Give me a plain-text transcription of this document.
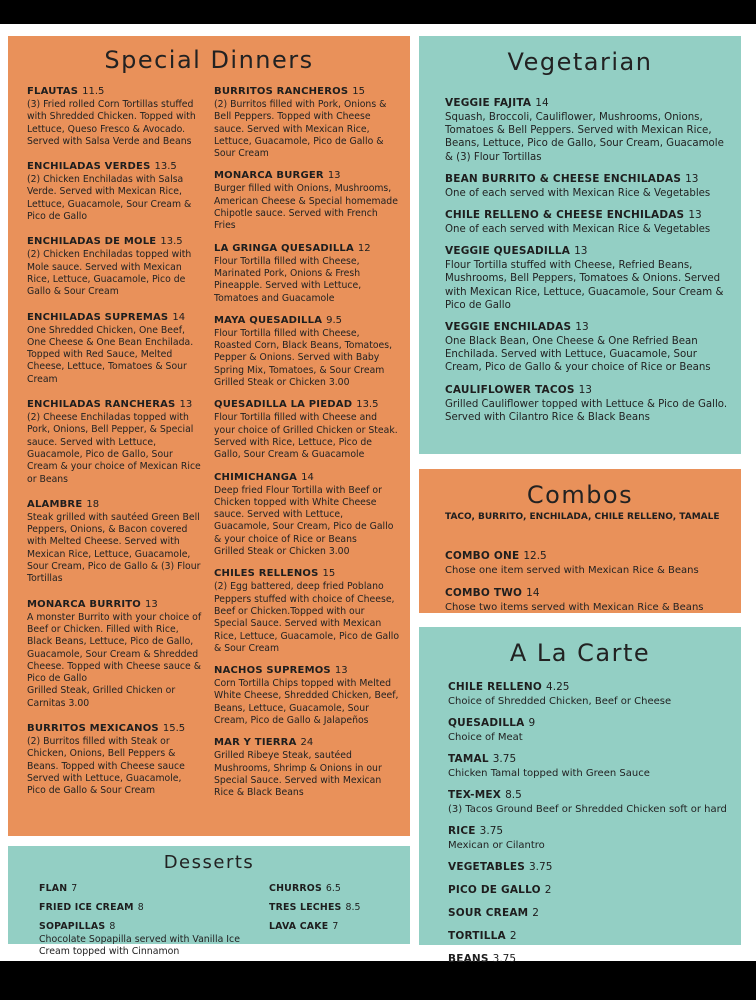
Special Dinners
FLAUTAS 11.5
(3) Fried rolled Corn Tortillas stuffed with Shredded Chicken. Topped with Lettuce, Queso Fresco & Avocado. Served with Salsa Verde and Beans
ENCHILADAS VERDES 13.5
(2) Chicken Enchiladas with Salsa Verde. Served with Mexican Rice, Lettuce, Guacamole, Sour Cream & Pico de Gallo
ENCHILADAS DE MOLE 13.5
(2) Chicken Enchiladas topped with Mole sauce. Served with Mexican Rice, Lettuce, Guacamole, Pico de Gallo & Sour Cream
ENCHILADAS SUPREMAS 14
One Shredded Chicken, One Beef, One Cheese & One Bean Enchilada. Topped with Red Sauce, Melted Cheese, Lettuce, Tomatoes & Sour Cream
ENCHILADAS RANCHERAS 13
(2) Cheese Enchiladas topped with Pork, Onions, Bell Pepper, & Special sauce. Served with Lettuce, Guacamole, Pico de Gallo, Sour Cream & your choice of Mexican Rice or Beans
ALAMBRE 18
Steak grilled with sautéed Green Bell Peppers, Onions, & Bacon covered with Melted Cheese. Served with Mexican Rice, Lettuce, Guacamole, Sour Cream, Pico de Gallo & (3) Flour Tortillas
MONARCA BURRITO 13
A monster Burrito with your choice of Beef or Chicken. Filled with Rice, Black Beans, Lettuce, Pico de Gallo, Guacamole, Sour Cream & Shredded Cheese. Topped with Cheese sauce & Pico de Gallo
Grilled Steak, Grilled Chicken or Carnitas 3.00
BURRITOS MEXICANOS 15.5
(2) Burritos filled with Steak or Chicken, Onions, Bell Peppers & Beans. Topped with Cheese sauce Served with Lettuce, Guacamole, Pico de Gallo & Sour Cream
BURRITOS RANCHEROS 15
(2) Burritos filled with Pork, Onions & Bell Peppers. Topped with Cheese sauce. Served with Mexican Rice, Lettuce, Guacamole, Pico de Gallo & Sour Cream
MONARCA BURGER 13
Burger filled with Onions, Mushrooms, American Cheese & Special homemade Chipotle sauce. Served with French Fries
LA GRINGA QUESADILLA 12
Flour Tortilla filled with Cheese, Marinated Pork, Onions & Fresh Pineapple. Served with Lettuce, Tomatoes and Guacamole
MAYA QUESADILLA 9.5
Flour Tortilla filled with Cheese, Roasted Corn, Black Beans, Tomatoes, Pepper & Onions. Served with Baby Spring Mix, Tomatoes, & Sour Cream
Grilled Steak or Chicken 3.00
QUESADILLA LA PIEDAD 13.5
Flour Tortilla filled with Cheese and your choice of Grilled Chicken or Steak. Served with Rice, Lettuce, Pico de Gallo, Sour Cream & Guacamole
CHIMICHANGA 14
Deep fried Flour Tortilla with Beef or Chicken topped with White Cheese sauce. Served with Lettuce, Guacamole, Sour Cream, Pico de Gallo & your choice of Rice or Beans
Grilled Steak or Chicken 3.00
CHILES RELLENOS 15
(2) Egg battered, deep fried Poblano Peppers stuffed with choice of Cheese, Beef or Chicken.Topped with our Special Sauce. Served with Mexican Rice, Lettuce, Guacamole, Pico de Gallo & Sour Cream
NACHOS SUPREMOS 13
Corn Tortilla Chips topped with Melted White Cheese, Shredded Chicken, Beef, Beans, Lettuce, Guacamole, Sour Cream, Pico de Gallo & Jalapeños
MAR Y TIERRA 24
Grilled Ribeye Steak, sautéed Mushrooms, Shrimp & Onions in our Special Sauce. Served with Mexican Rice & Black Beans
Vegetarian
VEGGIE FAJITA 14
Squash, Broccoli, Cauliflower, Mushrooms, Onions, Tomatoes & Bell Peppers. Served with Mexican Rice, Beans, Lettuce, Pico de Gallo, Sour Cream, Guacamole & (3) Flour Tortillas
BEAN BURRITO & CHEESE ENCHILADAS 13
One of each served with Mexican Rice & Vegetables
CHILE RELLENO & CHEESE ENCHILADAS 13
One of each served with Mexican Rice & Vegetables
VEGGIE QUESADILLA 13
Flour Tortilla stuffed with Cheese, Refried Beans, Mushrooms, Bell Peppers, Tomatoes & Onions. Served with Mexican Rice, Lettuce, Guacamole, Sour Cream & Pico de Gallo
VEGGIE ENCHILADAS 13
One Black Bean, One Cheese & One Refried Bean Enchilada. Served with Lettuce, Guacamole, Sour Cream, Pico de Gallo & your choice of Rice or Beans
CAULIFLOWER TACOS 13
Grilled Cauliflower topped with Lettuce & Pico de Gallo. Served with Cilantro Rice & Black Beans
Combos
TACO, BURRITO, ENCHILADA, CHILE RELLENO, TAMALE
COMBO ONE 12.5
Chose one item served with Mexican Rice & Beans
COMBO TWO 14
Chose two items served with Mexican Rice & Beans
A La Carte
CHILE RELLENO 4.25
Choice of Shredded Chicken, Beef or Cheese
QUESADILLA 9
Choice of Meat
TAMAL 3.75
Chicken Tamal topped with Green Sauce
TEX-MEX 8.5
(3) Tacos Ground Beef or Shredded Chicken soft or hard
RICE 3.75
Mexican or Cilantro
VEGETABLES 3.75
PICO DE GALLO 2
SOUR CREAM 2
TORTILLA 2
BEANS 3.75
Desserts
FLAN 7
FRIED ICE CREAM 8
SOPAPILLAS 8
Chocolate Sopapilla served with Vanilla Ice Cream topped with Cinnamon
CHURROS 6.5
TRES LECHES 8.5
LAVA CAKE 7
